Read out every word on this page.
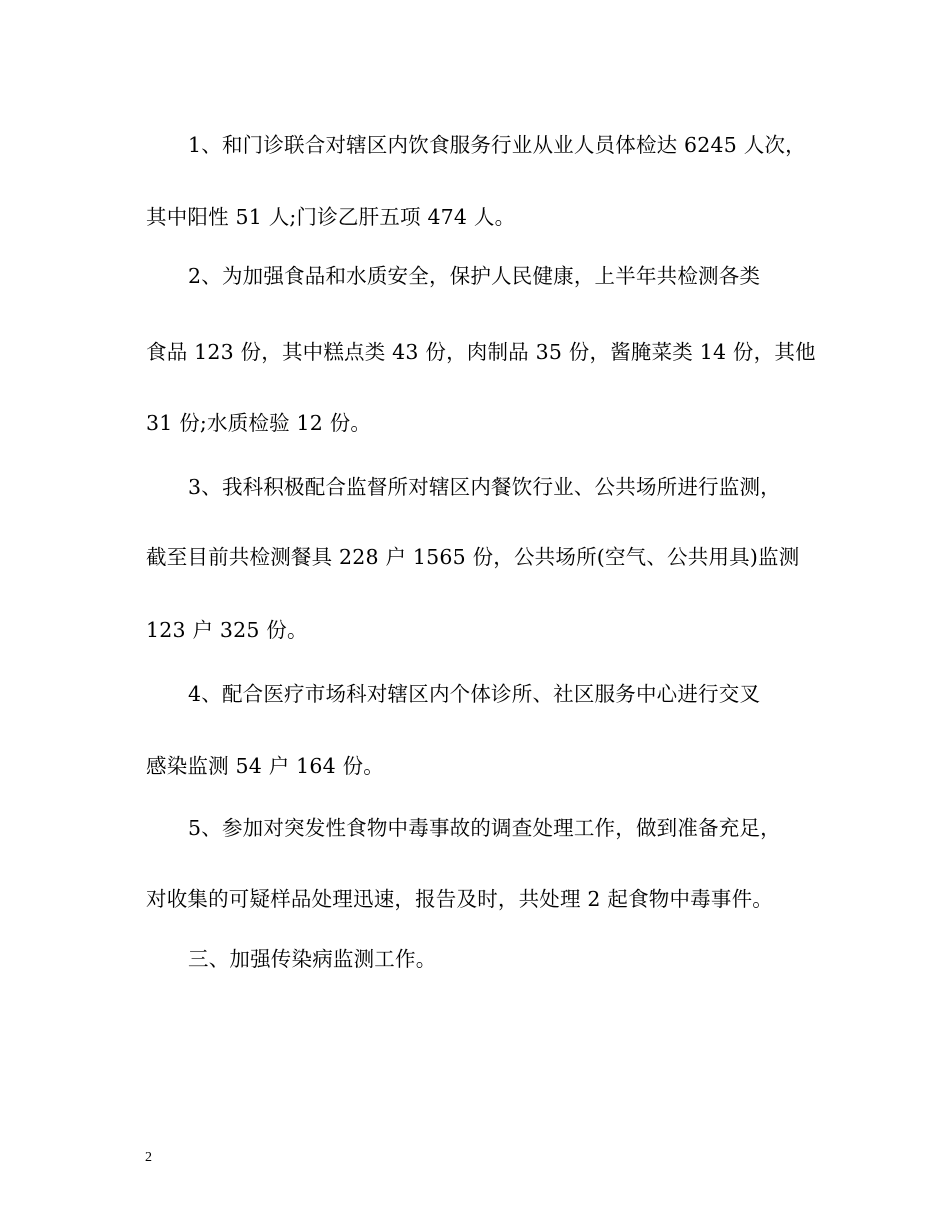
1、和门诊联合对辖区内饮食服务行业从业人员体检达 6245 人次，
其中阳性 51 人;门诊乙肝五项 474 人。
2、为加强食品和水质安全，保护人民健康，上半年共检测各类
食品 123 份，其中糕点类 43 份，肉制品 35 份，酱腌菜类 14 份，其他
31 份;水质检验 12 份。
3、我科积极配合监督所对辖区内餐饮行业、公共场所进行监测，
截至目前共检测餐具 228 户 1565 份，公共场所(空气、公共用具)监测
123 户 325 份。
4、配合医疗市场科对辖区内个体诊所、社区服务中心进行交叉
感染监测 54 户 164 份。
5、参加对突发性食物中毒事故的调查处理工作，做到准备充足，
对收集的可疑样品处理迅速，报告及时，共处理 2 起食物中毒事件。
三、加强传染病监测工作。
2
